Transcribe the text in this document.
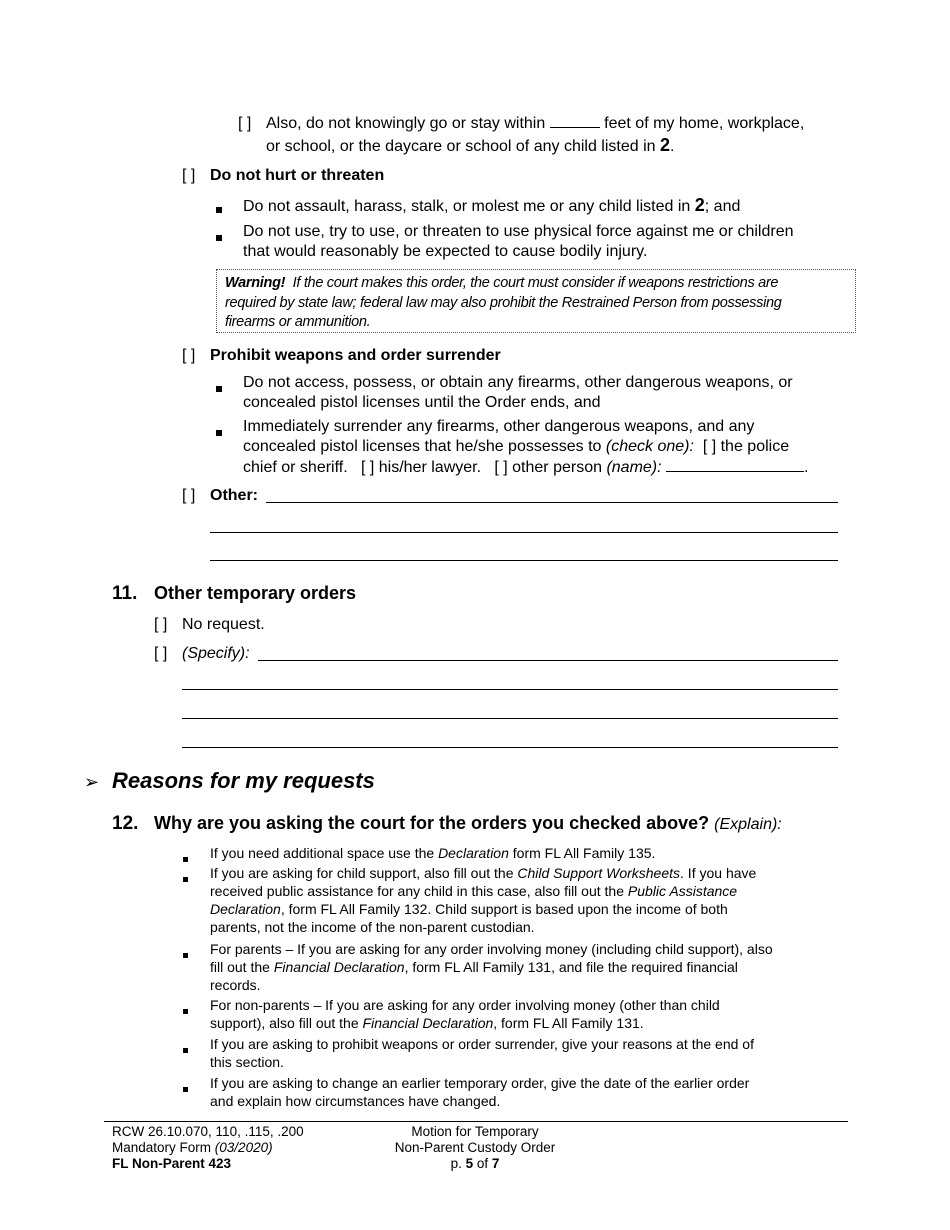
[ ] Also, do not knowingly go or stay within	feet of my home, workplace,
or school, or the daycare or school of any child listed in 2.
[ ] Do not hurt or threaten
Do not assault, harass, stalk, or molest me or any child listed in 2; and
Do not use, try to use, or threaten to use physical force against me or children
that would reasonably be expected to cause bodily injury.
Warning! If the court makes this order, the court must consider if weapons restrictions are
required by state law; federal law may also prohibit the Restrained Person from possessing
firearms or ammunition.
[ ] Prohibit weapons and order surrender
Do not access, possess, or obtain any firearms, other dangerous weapons, or
concealed pistol licenses until the Order ends, and
Immediately surrender any firearms, other dangerous weapons, and any
concealed pistol licenses that he/she possesses to (check one): [ ] the police
chief or sheriff. [ ] his/her lawyer. [ ] other person (name):	.
[ ] Other:
11. Other temporary orders
[ ] No request.
[ ] (Specify):
➢ Reasons for my requests
12. Why are you asking the court for the orders you checked above? (Explain):
If you need additional space use the Declaration form FL All Family 135.
If you are asking for child support, also fill out the Child Support Worksheets. If you have
received public assistance for any child in this case, also fill out the Public Assistance
Declaration, form FL All Family 132. Child support is based upon the income of both
parents, not the income of the non-parent custodian.
For parents – If you are asking for any order involving money (including child support), also
fill out the Financial Declaration, form FL All Family 131, and file the required financial
records.
For non-parents – If you are asking for any order involving money (other than child
support), also fill out the Financial Declaration, form FL All Family 131.
If you are asking to prohibit weapons or order surrender, give your reasons at the end of
this section.
If you are asking to change an earlier temporary order, give the date of the earlier order
and explain how circumstances have changed.
RCW 26.10.070, 110, .115, .200
Mandatory Form (03/2020)
FL Non-Parent 423
Motion for Temporary
Non-Parent Custody Order
p. 5 of 7
